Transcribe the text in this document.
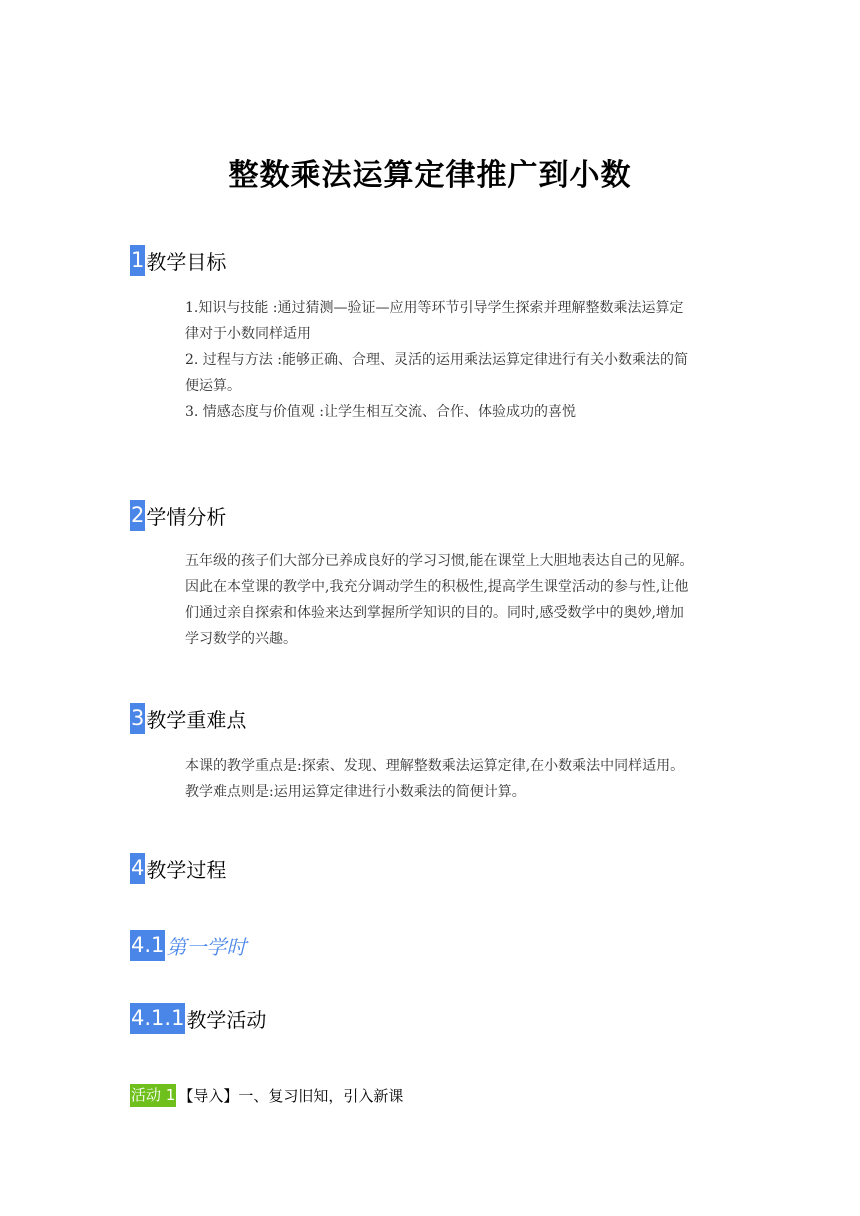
整数乘法运算定律推广到小数
1 教学目标

1.知识与技能 :通过猜测—验证—应用等环节引导学生探索并理解整数乘法运算定

律对于小数同样适用

2. 过程与方法 :能够正确、合理、灵活的运用乘法运算定律进行有关小数乘法的简

便运算。

3. 情感态度与价值观 :让学生相互交流、合作、体验成功的喜悦

2 学情分析

五年级的孩子们大部分已养成良好的学习习惯,能在课堂上大胆地表达自己的见解。

因此在本堂课的教学中,我充分调动学生的积极性,提高学生课堂活动的参与性,让他

们通过亲自探索和体验来达到掌握所学知识的目的。同时,感受数学中的奥妙,增加

学习数学的兴趣。

3 教学重难点

本课的教学重点是:探索、发现、理解整数乘法运算定律,在小数乘法中同样适用。

教学难点则是:运用运算定律进行小数乘法的简便计算。

4 教学过程
4.1 第一学时
4.1.1 教学活动
活动 1 【导入】一、复习旧知，引入新课
